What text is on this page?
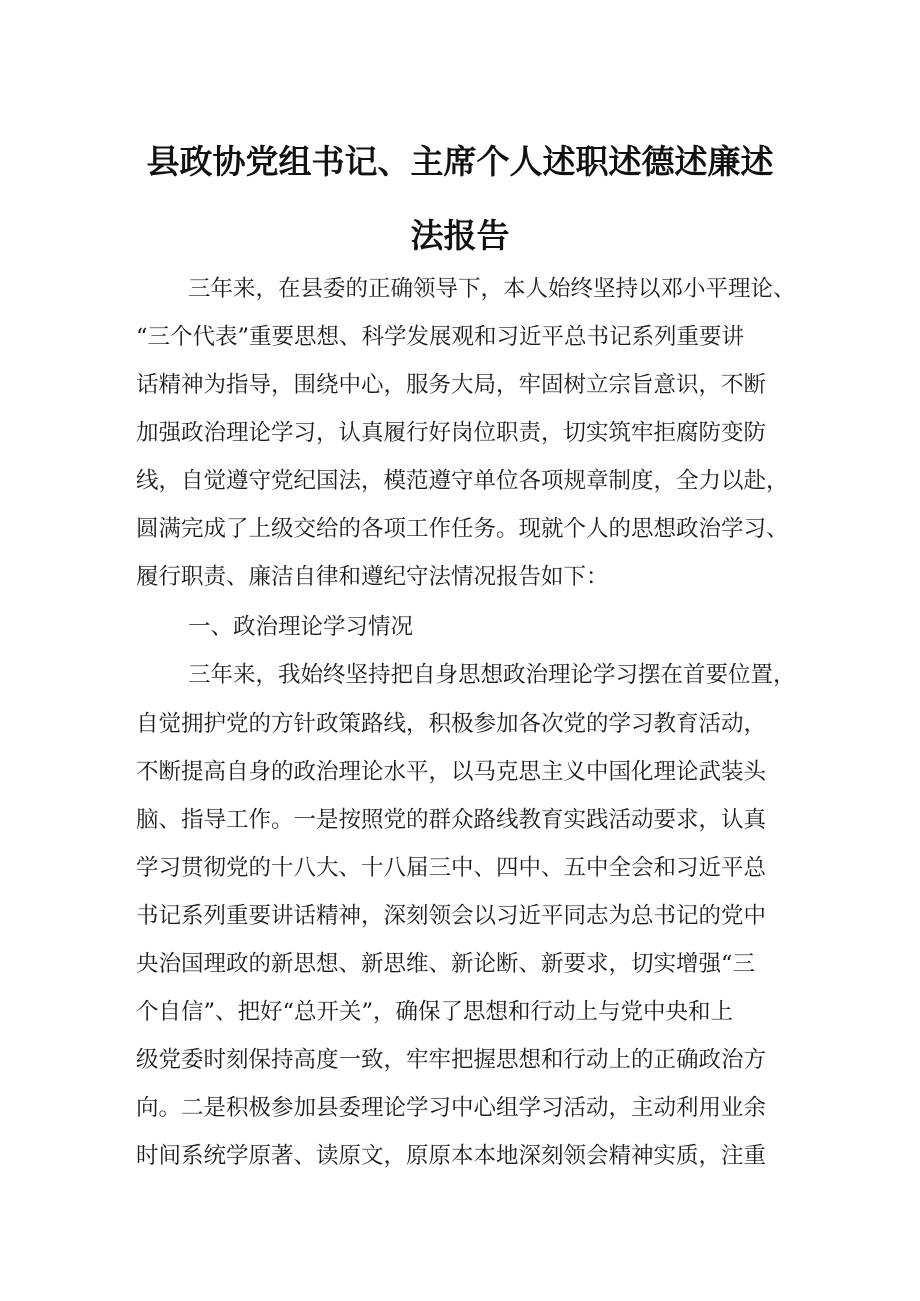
县政协党组书记、主席个人述职述德述廉述
法报告
三年来，在县委的正确领导下，本人始终坚持以邓小平理论、
“三个代表”重要思想、科学发展观和习近平总书记系列重要讲
话精神为指导，围绕中心，服务大局，牢固树立宗旨意识，不断
加强政治理论学习，认真履行好岗位职责，切实筑牢拒腐防变防
线，自觉遵守党纪国法，模范遵守单位各项规章制度，全力以赴，
圆满完成了上级交给的各项工作任务。现就个人的思想政治学习、
履行职责、廉洁自律和遵纪守法情况报告如下：
一、政治理论学习情况
三年来，我始终坚持把自身思想政治理论学习摆在首要位置，
自觉拥护党的方针政策路线，积极参加各次党的学习教育活动，
不断提高自身的政治理论水平，以马克思主义中国化理论武装头
脑、指导工作。一是按照党的群众路线教育实践活动要求，认真
学习贯彻党的十八大、十八届三中、四中、五中全会和习近平总
书记系列重要讲话精神，深刻领会以习近平同志为总书记的党中
央治国理政的新思想、新思维、新论断、新要求，切实增强“三
个自信”、把好“总开关”，确保了思想和行动上与党中央和上
级党委时刻保持高度一致，牢牢把握思想和行动上的正确政治方
向。二是积极参加县委理论学习中心组学习活动，主动利用业余
时间系统学原著、读原文，原原本本地深刻领会精神实质，注重
